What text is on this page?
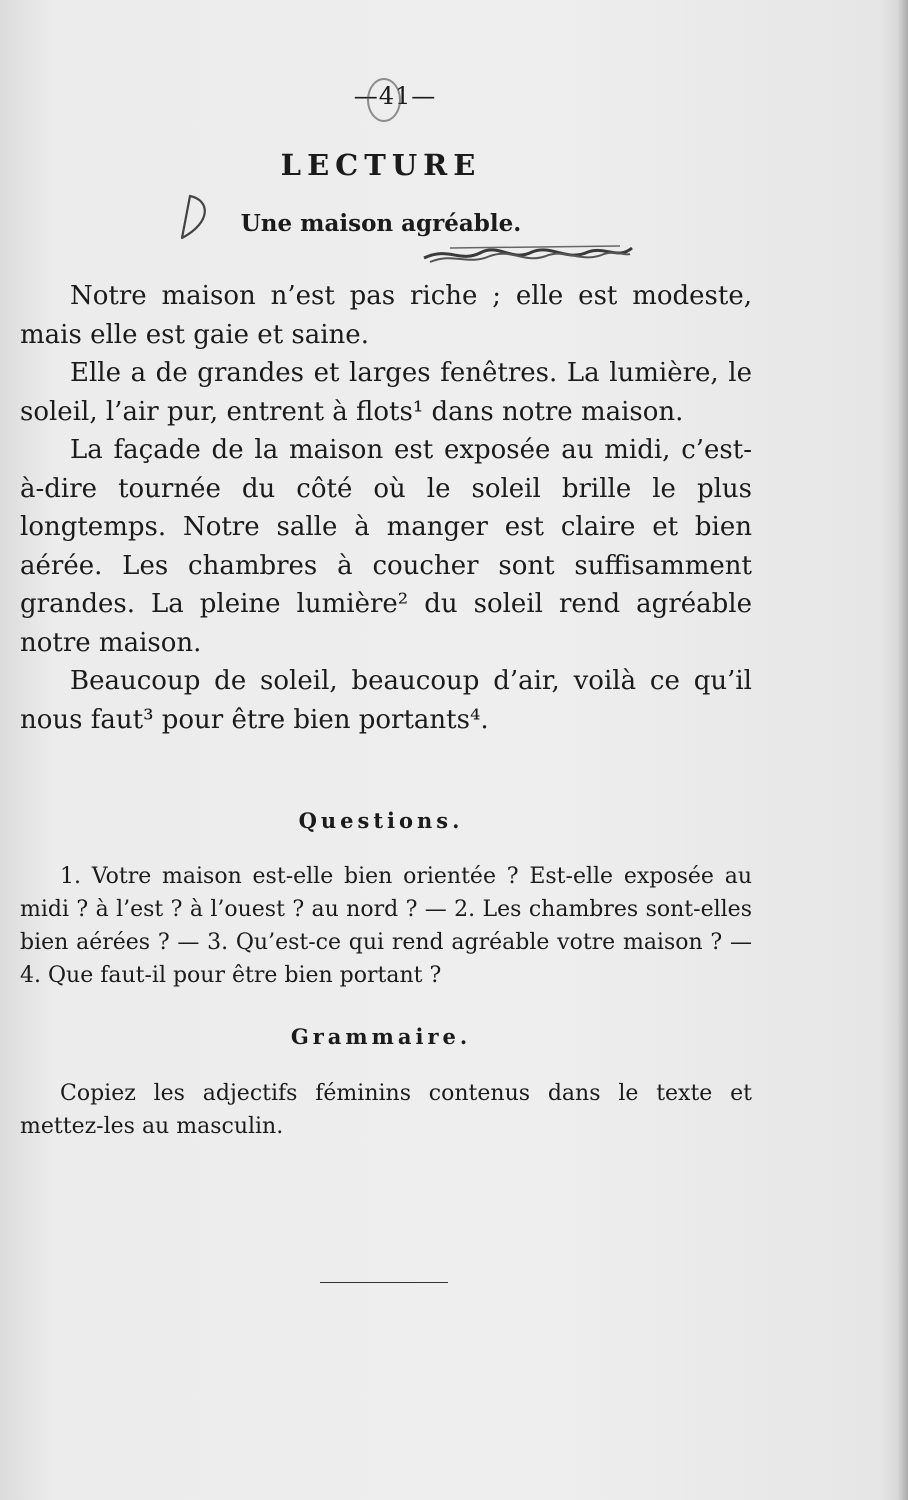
—41—
LECTURE
Une maison agréable.

Notre maison n’est pas riche ; elle est modeste, mais elle est gaie et saine.

Elle a de grandes et larges fenêtres. La lumière, le soleil, l’air pur, entrent à flots¹ dans notre maison.

La façade de la maison est exposée au midi, c’est-à-dire tournée du côté où le soleil brille le plus longtemps. Notre salle à manger est claire et bien aérée. Les chambres à coucher sont suffisamment grandes. La pleine lumière² du soleil rend agréable notre maison.

Beaucoup de soleil, beaucoup d’air, voilà ce qu’il nous faut³ pour être bien portants⁴.

Questions.

1. Votre maison est-elle bien orientée ? Est-elle exposée au midi ? à l’est ? à l’ouest ? au nord ? — 2. Les chambres sont-elles bien aérées ? — 3. Qu’est-ce qui rend agréable votre maison ? — 4. Que faut-il pour être bien portant ?

Grammaire.

Copiez les adjectifs féminins contenus dans le texte et mettez-les au masculin.
